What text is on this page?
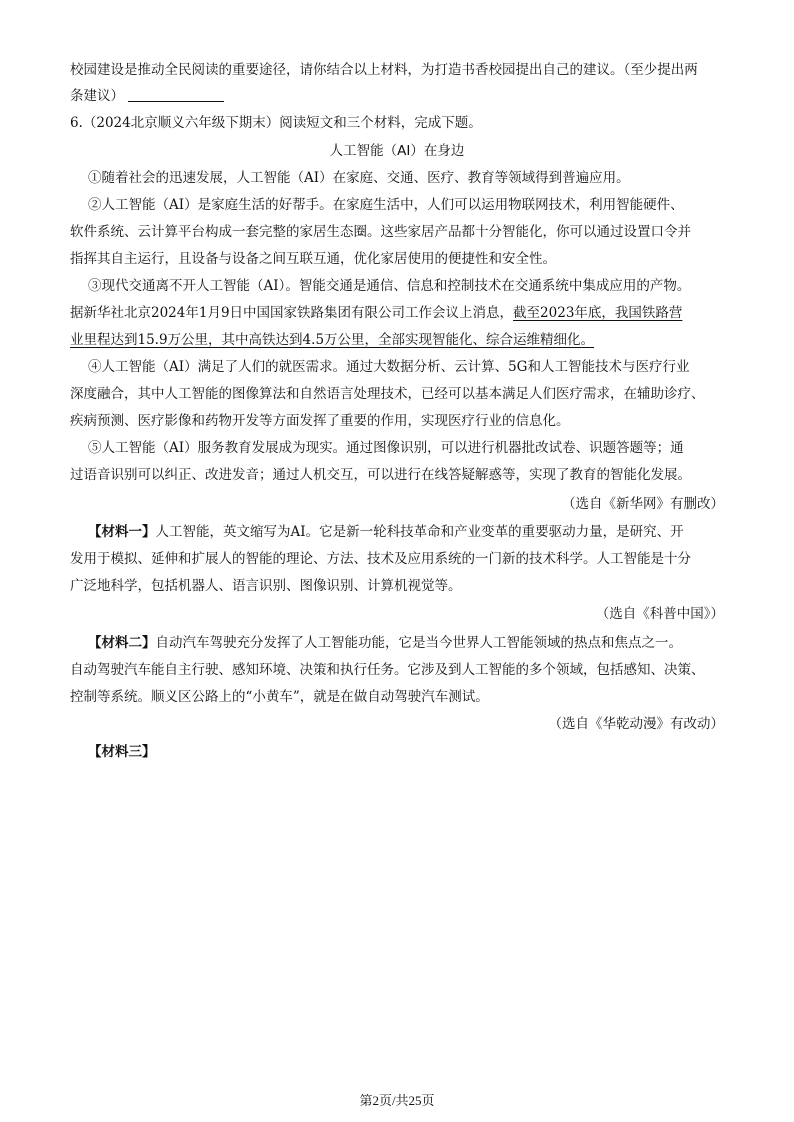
校园建设是推动全民阅读的重要途径，请你结合以上材料，为打造书香校园提出自己的建议。（至少提出两
条建议）
6.（2024北京顺义六年级下期末）阅读短文和三个材料，完成下题。
人工智能（AI）在身边
①随着社会的迅速发展，人工智能（AI）在家庭、交通、医疗、教育等领域得到普遍应用。
②人工智能（AI）是家庭生活的好帮手。在家庭生活中，人们可以运用物联网技术，利用智能硬件、
软件系统、云计算平台构成一套完整的家居生态圈。这些家居产品都十分智能化，你可以通过设置口令并
指挥其自主运行，且设备与设备之间互联互通，优化家居使用的便捷性和安全性。
③现代交通离不开人工智能（AI）。智能交通是通信、信息和控制技术在交通系统中集成应用的产物。
据新华社北京2024年1月9日中国国家铁路集团有限公司工作会议上消息，截至2023年底，我国铁路营
业里程达到15.9万公里，其中高铁达到4.5万公里，全部实现智能化、综合运维精细化。
④人工智能（AI）满足了人们的就医需求。通过大数据分析、云计算、5G和人工智能技术与医疗行业
深度融合，其中人工智能的图像算法和自然语言处理技术，已经可以基本满足人们医疗需求，在辅助诊疗、
疾病预测、医疗影像和药物开发等方面发挥了重要的作用，实现医疗行业的信息化。
⑤人工智能（AI）服务教育发展成为现实。通过图像识别，可以进行机器批改试卷、识题答题等；通
过语音识别可以纠正、改进发音；通过人机交互，可以进行在线答疑解惑等，实现了教育的智能化发展。
（选自《新华网》有删改）
【材料一】人工智能，英文缩写为AI。它是新一轮科技革命和产业变革的重要驱动力量，是研究、开
发用于模拟、延伸和扩展人的智能的理论、方法、技术及应用系统的一门新的技术科学。人工智能是十分
广泛地科学，包括机器人、语言识别、图像识别、计算机视觉等。
（选自《科普中国》）
【材料二】自动汽车驾驶充分发挥了人工智能功能，它是当今世界人工智能领域的热点和焦点之一。
自动驾驶汽车能自主行驶、感知环境、决策和执行任务。它涉及到人工智能的多个领域，包括感知、决策、
控制等系统。顺义区公路上的“小黄车”，就是在做自动驾驶汽车测试。
（选自《华乾动漫》有改动）
【材料三】
第2页/共25页
